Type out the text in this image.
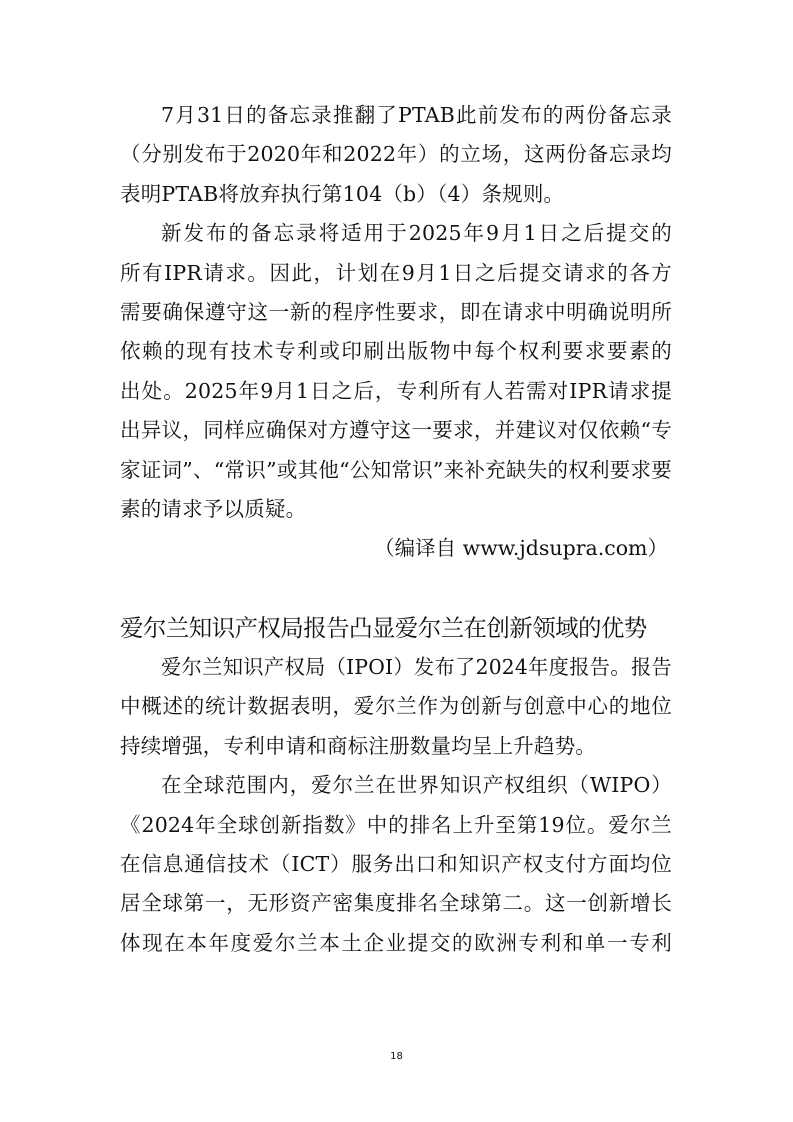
7月31日的备忘录推翻了PTAB此前发布的两份备忘录
（分别发布于2020年和2022年）的立场，这两份备忘录均
表明PTAB将放弃执行第104（b）（4）条规则。

新发布的备忘录将适用于2025年9月1日之后提交的
所有IPR请求。因此，计划在9月1日之后提交请求的各方
需要确保遵守这一新的程序性要求，即在请求中明确说明所
依赖的现有技术专利或印刷出版物中每个权利要求要素的
出处。2025年9月1日之后，专利所有人若需对IPR请求提
出异议，同样应确保对方遵守这一要求，并建议对仅依赖“专
家证词”、“常识”或其他“公知常识”来补充缺失的权利要求要
素的请求予以质疑。

（编译自 www.jdsupra.com）

爱尔兰知识产权局报告凸显爱尔兰在创新领域的优势

爱尔兰知识产权局（IPOI）发布了2024年度报告。报告
中概述的统计数据表明，爱尔兰作为创新与创意中心的地位
持续增强，专利申请和商标注册数量均呈上升趋势。

在全球范围内，爱尔兰在世界知识产权组织（WIPO）
《2024年全球创新指数》中的排名上升至第19位。爱尔兰
在信息通信技术（ICT）服务出口和知识产权支付方面均位
居全球第一，无形资产密集度排名全球第二。这一创新增长
体现在本年度爱尔兰本土企业提交的欧洲专利和单一专利

18
